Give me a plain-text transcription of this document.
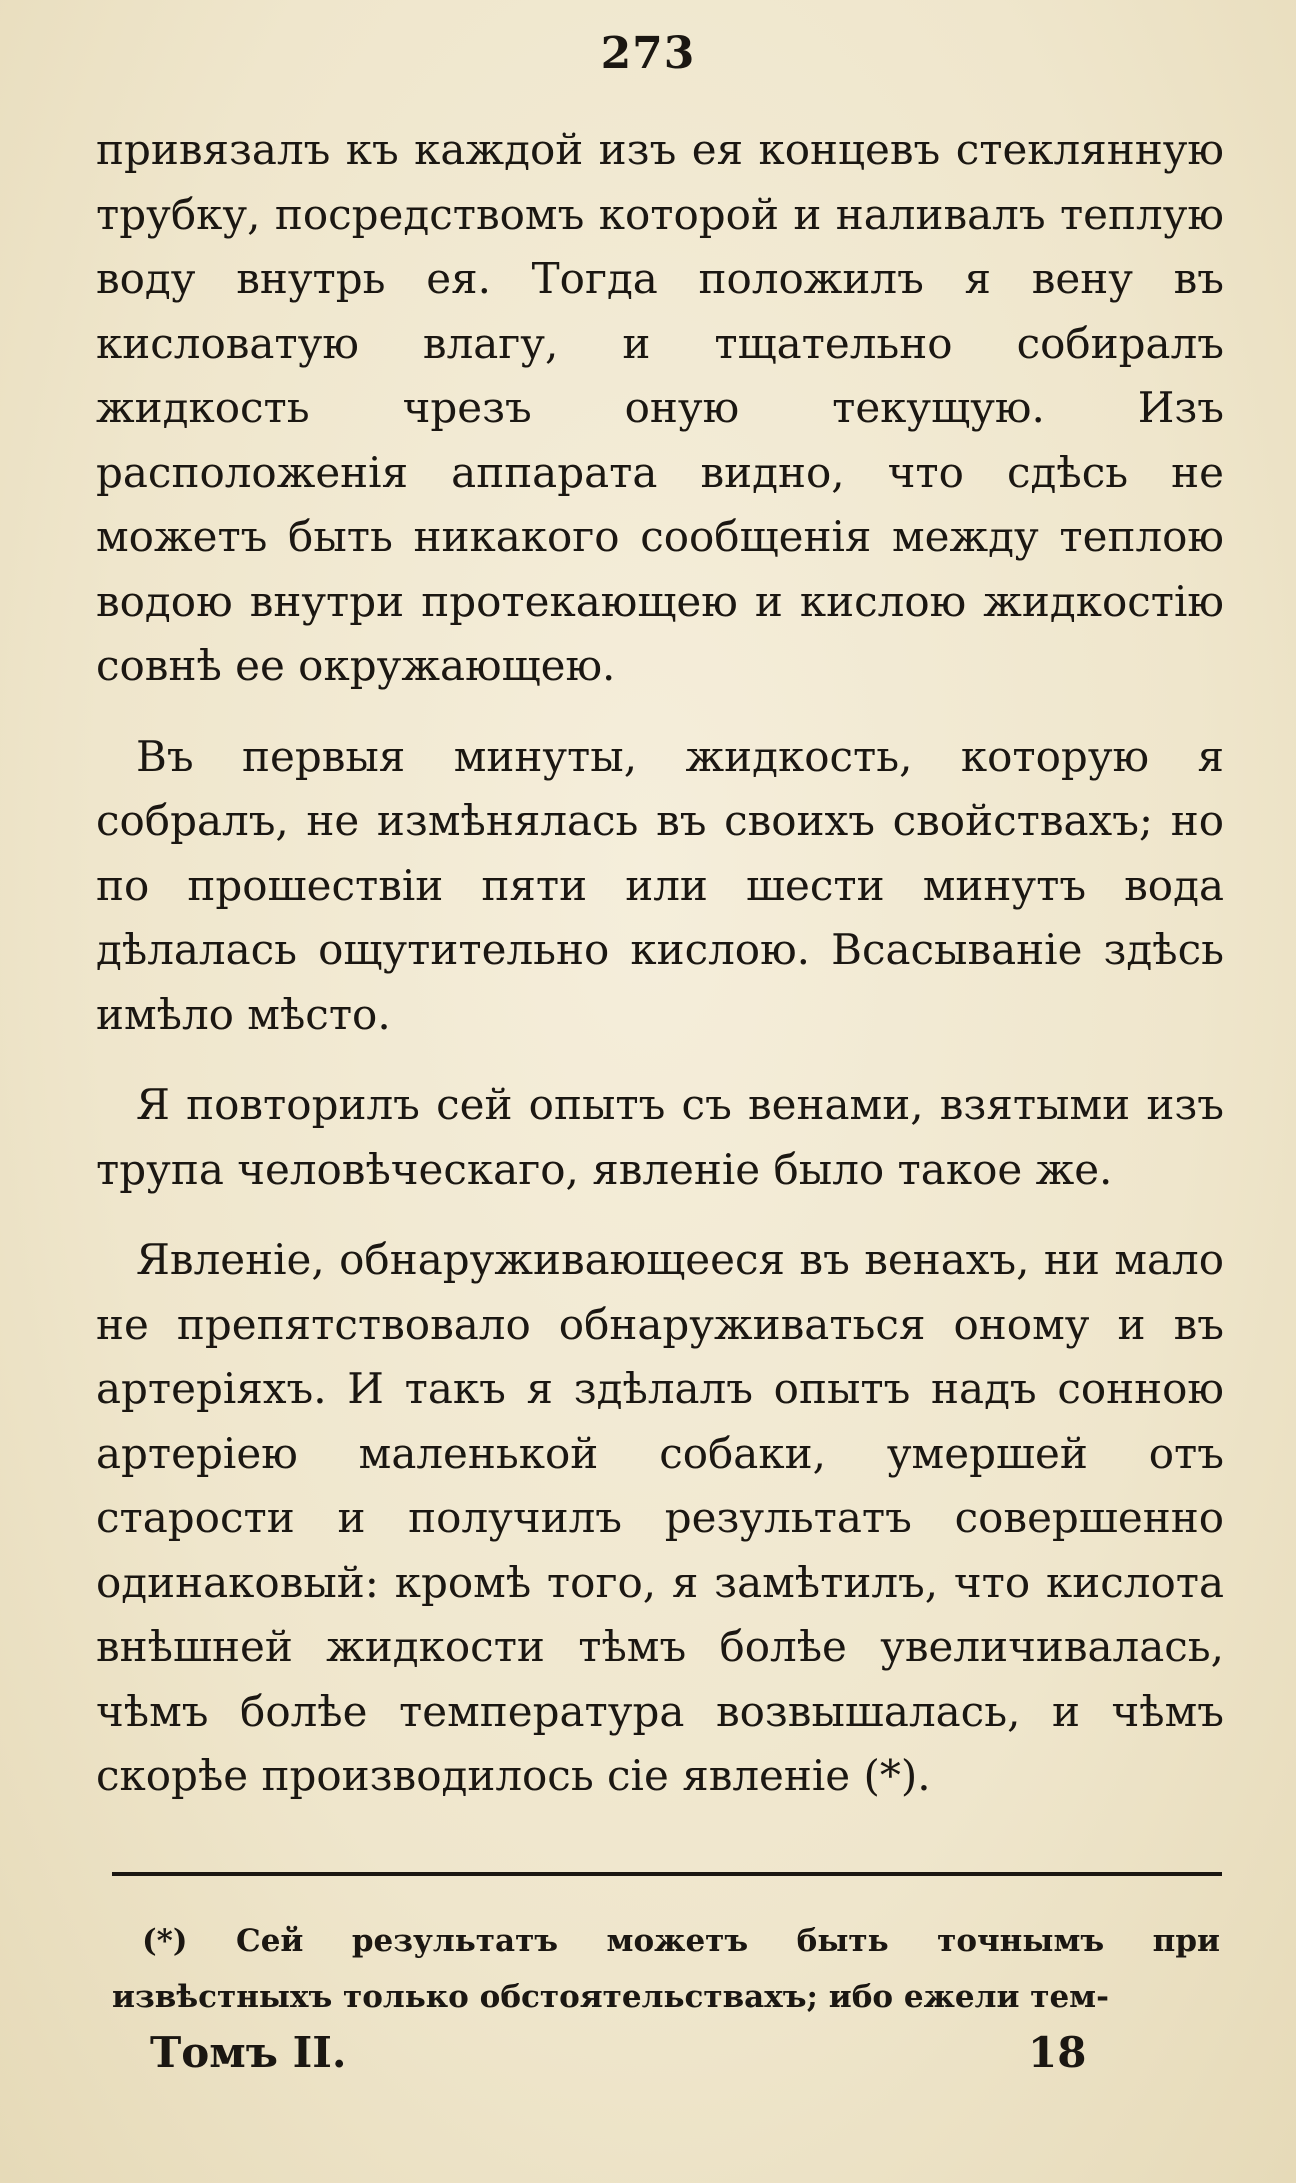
273

привязалъ къ каждой изъ ея концевъ стеклянную трубку, посредствомъ которой и наливалъ теплую воду внутрь ея. Тогда положилъ я вену въ кисловатую влагу, и тщательно собиралъ жидкость чрезъ оную текущую. Изъ расположенія аппарата видно, что сдѣсь не можетъ быть никакого сообщенія между теплою водою внутри протекающею и кислою жидкостію совнѣ ее окружающею.

Въ первыя минуты, жидкость, которую я собралъ, не измѣнялась въ своихъ свойствахъ; но по прошествіи пяти или шести минутъ вода дѣлалась ощутительно кислою. Всасываніе здѣсь имѣло мѣсто.

Я повторилъ сей опытъ съ венами, взятыми изъ трупа человѣческаго, явленіе было такое же.

Явленіе, обнаруживающееся въ венахъ, ни мало не препятствовало обнаруживаться оному и въ артеріяхъ. И такъ я здѣлалъ опытъ надъ сонною артеріею маленькой собаки, умершей отъ старости и получилъ результатъ совершенно одинаковый: кромѣ того, я замѣтилъ, что кислота внѣшней жидкости тѣмъ болѣе увеличивалась, чѣмъ болѣе температура возвышалась, и чѣмъ скорѣе производилось сіе явленіе (*).

(*) Сей результатъ можетъ быть точнымъ при извѣстныхъ только обстоятельствахъ; ибо ежели тем-
Томъ II.	18
